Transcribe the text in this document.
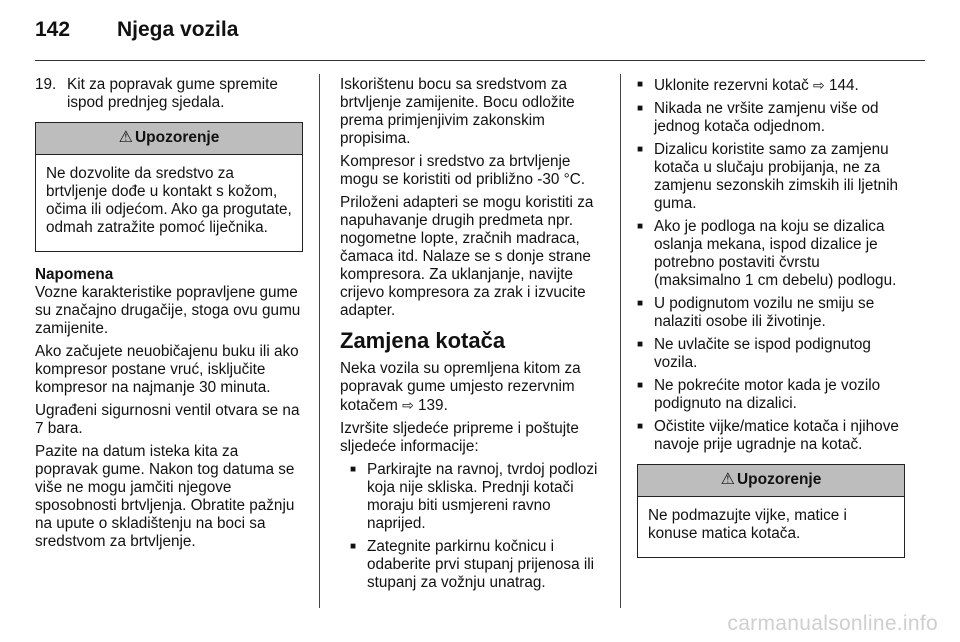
142 Njega vozila
19. Kit za popravak gume spremite ispod prednjeg sjedala.
⚠ Upozorenje
Ne dozvolite da sredstvo za brtvljenje dođe u kontakt s kožom, očima ili odjećom. Ako ga progutate, odmah zatražite pomoć liječnika.
Napomena

Vozne karakteristike popravljene gume su značajno drugačije, stoga ovu gumu zamijenite.

Ako začujete neuobičajenu buku ili ako kompresor postane vruć, isključite kompresor na najmanje 30 minuta.

Ugrađeni sigurnosni ventil otvara se na 7 bara.

Pazite na datum isteka kita za popravak gume. Nakon tog datuma se više ne mogu jamčiti njegove sposobnosti brtvljenja. Obratite pažnju na upute o skladištenju na boci sa sredstvom za brtvljenje.

Iskorištenu bocu sa sredstvom za brtvljenje zamijenite. Bocu odložite prema primjenjivim zakonskim propisima.

Kompresor i sredstvo za brtvljenje mogu se koristiti od približno -30 °C.

Priloženi adapteri se mogu koristiti za napuhavanje drugih predmeta npr. nogometne lopte, zračnih madraca, čamaca itd. Nalaze se s donje strane kompresora. Za uklanjanje, navijte crijevo kompresora za zrak i izvucite adapter.

Zamjena kotača

Neka vozila su opremljena kitom za popravak gume umjesto rezervnim kotačem ⇨ 139.

Izvršite sljedeće pripreme i poštujte sljedeće informacije:

■ Parkirajte na ravnoj, tvrdoj podlozi koja nije skliska. Prednji kotači moraju biti usmjereni ravno naprijed.
■ Zategnite parkirnu kočnicu i odaberite prvi stupanj prijenosa ili stupanj za vožnju unatrag.
■ Uklonite rezervni kotač ⇨ 144.
■ Nikada ne vršite zamjenu više od jednog kotača odjednom.
■ Dizalicu koristite samo za zamjenu kotača u slučaju probijanja, ne za zamjenu sezonskih zimskih ili ljetnih guma.
■ Ako je podloga na koju se dizalica oslanja mekana, ispod dizalice je potrebno postaviti čvrstu (maksimalno 1 cm debelu) podlogu.
■ U podignutom vozilu ne smiju se nalaziti osobe ili životinje.
■ Ne uvlačite se ispod podignutog vozila.
■ Ne pokrećite motor kada je vozilo podignuto na dizalici.
■ Očistite vijke/matice kotača i njihove navoje prije ugradnje na kotač.
⚠ Upozorenje
Ne podmazujte vijke, matice i konuse matica kotača.
carmanualsonline.info
